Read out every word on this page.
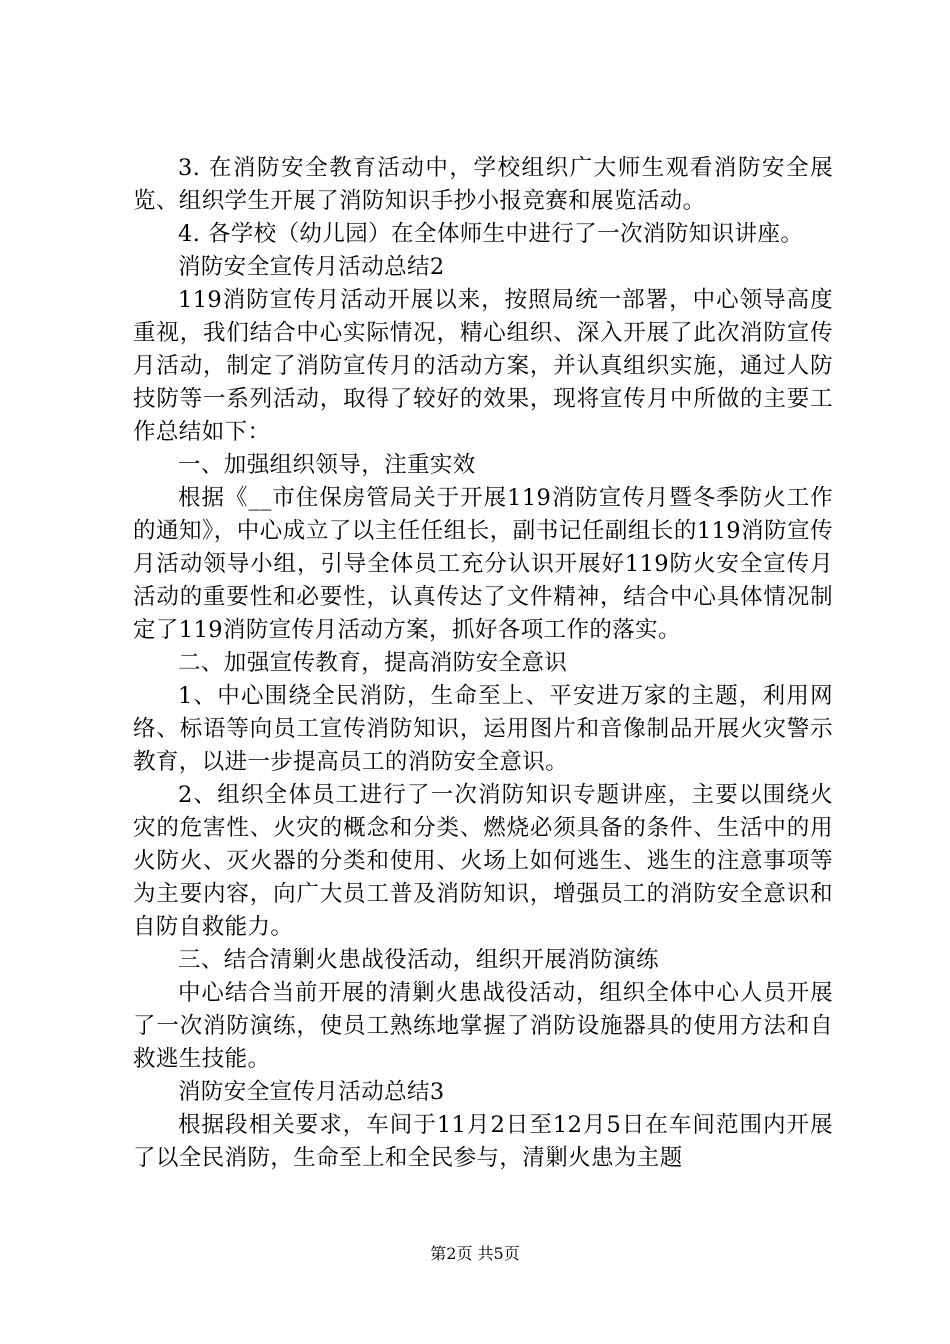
3. 在消防安全教育活动中，学校组织广大师生观看消防安全展览、组织学生开展了消防知识手抄小报竞赛和展览活动。

4. 各学校（幼儿园）在全体师生中进行了一次消防知识讲座。

消防安全宣传月活动总结2

119消防宣传月活动开展以来，按照局统一部署，中心领导高度重视，我们结合中心实际情况，精心组织、深入开展了此次消防宣传月活动，制定了消防宣传月的活动方案，并认真组织实施，通过人防技防等一系列活动，取得了较好的效果，现将宣传月中所做的主要工作总结如下：

一、加强组织领导，注重实效

根据《__市住保房管局关于开展119消防宣传月暨冬季防火工作的通知》，中心成立了以主任任组长，副书记任副组长的119消防宣传月活动领导小组，引导全体员工充分认识开展好119防火安全宣传月活动的重要性和必要性，认真传达了文件精神，结合中心具体情况制定了119消防宣传月活动方案，抓好各项工作的落实。

二、加强宣传教育，提高消防安全意识

1、中心围绕全民消防，生命至上、平安进万家的主题，利用网络、标语等向员工宣传消防知识，运用图片和音像制品开展火灾警示教育，以进一步提高员工的消防安全意识。

2、组织全体员工进行了一次消防知识专题讲座，主要以围绕火灾的危害性、火灾的概念和分类、燃烧必须具备的条件、生活中的用火防火、灭火器的分类和使用、火场上如何逃生、逃生的注意事项等为主要内容，向广大员工普及消防知识，增强员工的消防安全意识和自防自救能力。

三、结合清剿火患战役活动，组织开展消防演练

中心结合当前开展的清剿火患战役活动，组织全体中心人员开展了一次消防演练，使员工熟练地掌握了消防设施器具的使用方法和自救逃生技能。

消防安全宣传月活动总结3

根据段相关要求，车间于11月2日至12月5日在车间范围内开展了以全民消防，生命至上和全民参与，清剿火患为主题

第2页 共5页
